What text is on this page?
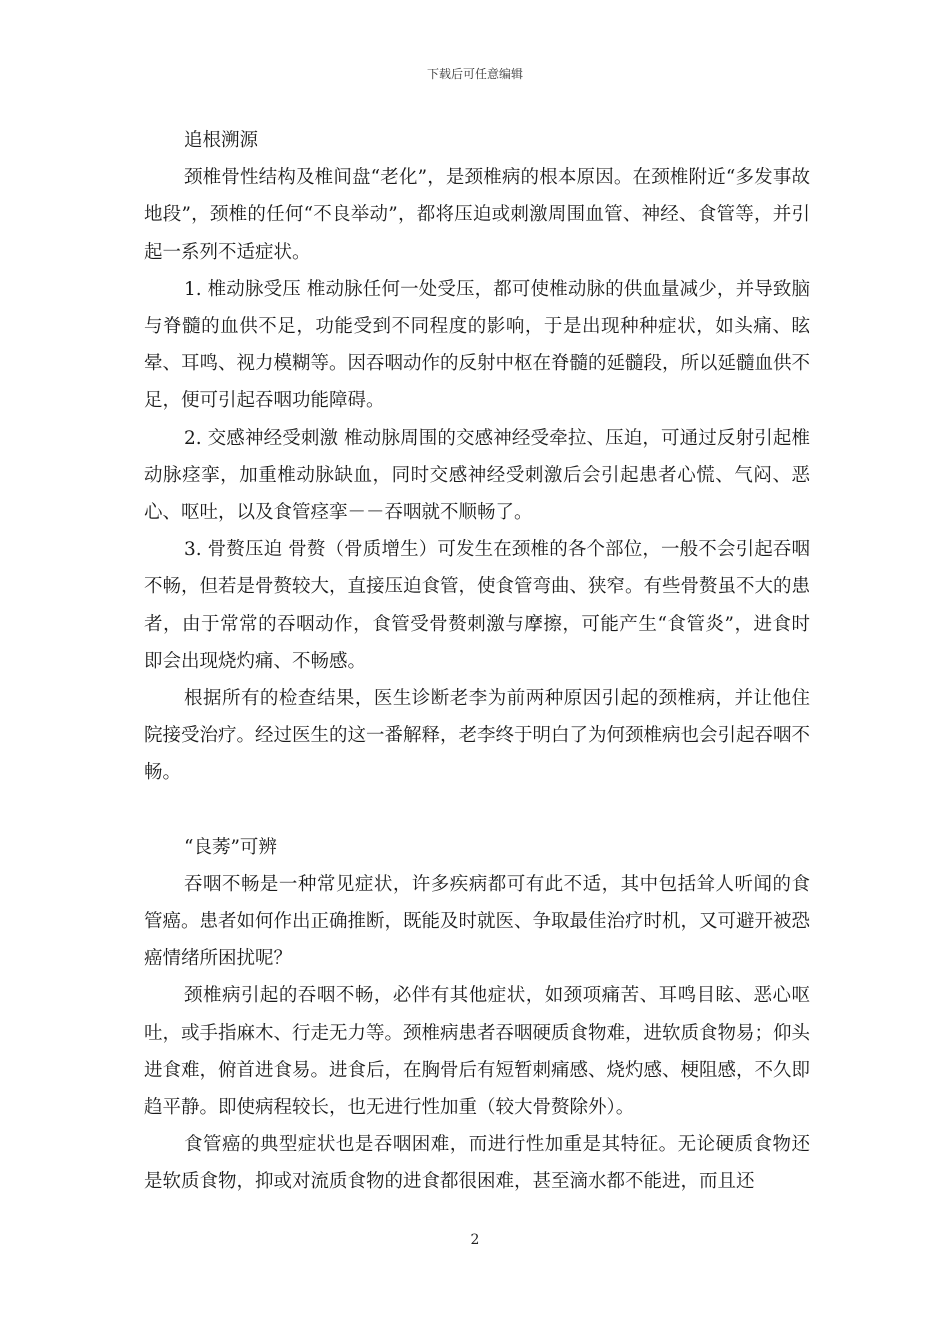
下载后可任意编辑

追根溯源

颈椎骨性结构及椎间盘“老化”，是颈椎病的根本原因。在颈椎附近“多发事故地段”，颈椎的任何“不良举动”，都将压迫或刺激周围血管、神经、食管等，并引起一系列不适症状。

1. 椎动脉受压 椎动脉任何一处受压，都可使椎动脉的供血量减少，并导致脑与脊髓的血供不足，功能受到不同程度的影响，于是出现种种症状，如头痛、眩晕、耳鸣、视力模糊等。因吞咽动作的反射中枢在脊髓的延髓段，所以延髓血供不足，便可引起吞咽功能障碍。

2. 交感神经受刺激 椎动脉周围的交感神经受牵拉、压迫，可通过反射引起椎动脉痉挛，加重椎动脉缺血，同时交感神经受刺激后会引起患者心慌、气闷、恶心、呕吐，以及食管痉挛－－吞咽就不顺畅了。

3. 骨赘压迫 骨赘（骨质增生）可发生在颈椎的各个部位，一般不会引起吞咽不畅，但若是骨赘较大，直接压迫食管，使食管弯曲、狭窄。有些骨赘虽不大的患者，由于常常的吞咽动作，食管受骨赘刺激与摩擦，可能产生“食管炎”，进食时即会出现烧灼痛、不畅感。

根据所有的检查结果，医生诊断老李为前两种原因引起的颈椎病，并让他住院接受治疗。经过医生的这一番解释，老李终于明白了为何颈椎病也会引起吞咽不畅。

“良莠”可辨

吞咽不畅是一种常见症状，许多疾病都可有此不适，其中包括耸人听闻的食管癌。患者如何作出正确推断，既能及时就医、争取最佳治疗时机，又可避开被恐癌情绪所困扰呢？

颈椎病引起的吞咽不畅，必伴有其他症状，如颈项痛苦、耳鸣目眩、恶心呕吐，或手指麻木、行走无力等。颈椎病患者吞咽硬质食物难，进软质食物易；仰头进食难，俯首进食易。进食后，在胸骨后有短暂刺痛感、烧灼感、梗阻感，不久即趋平静。即使病程较长，也无进行性加重（较大骨赘除外）。

食管癌的典型症状也是吞咽困难，而进行性加重是其特征。无论硬质食物还是软质食物，抑或对流质食物的进食都很困难，甚至滴水都不能进，而且还

2
